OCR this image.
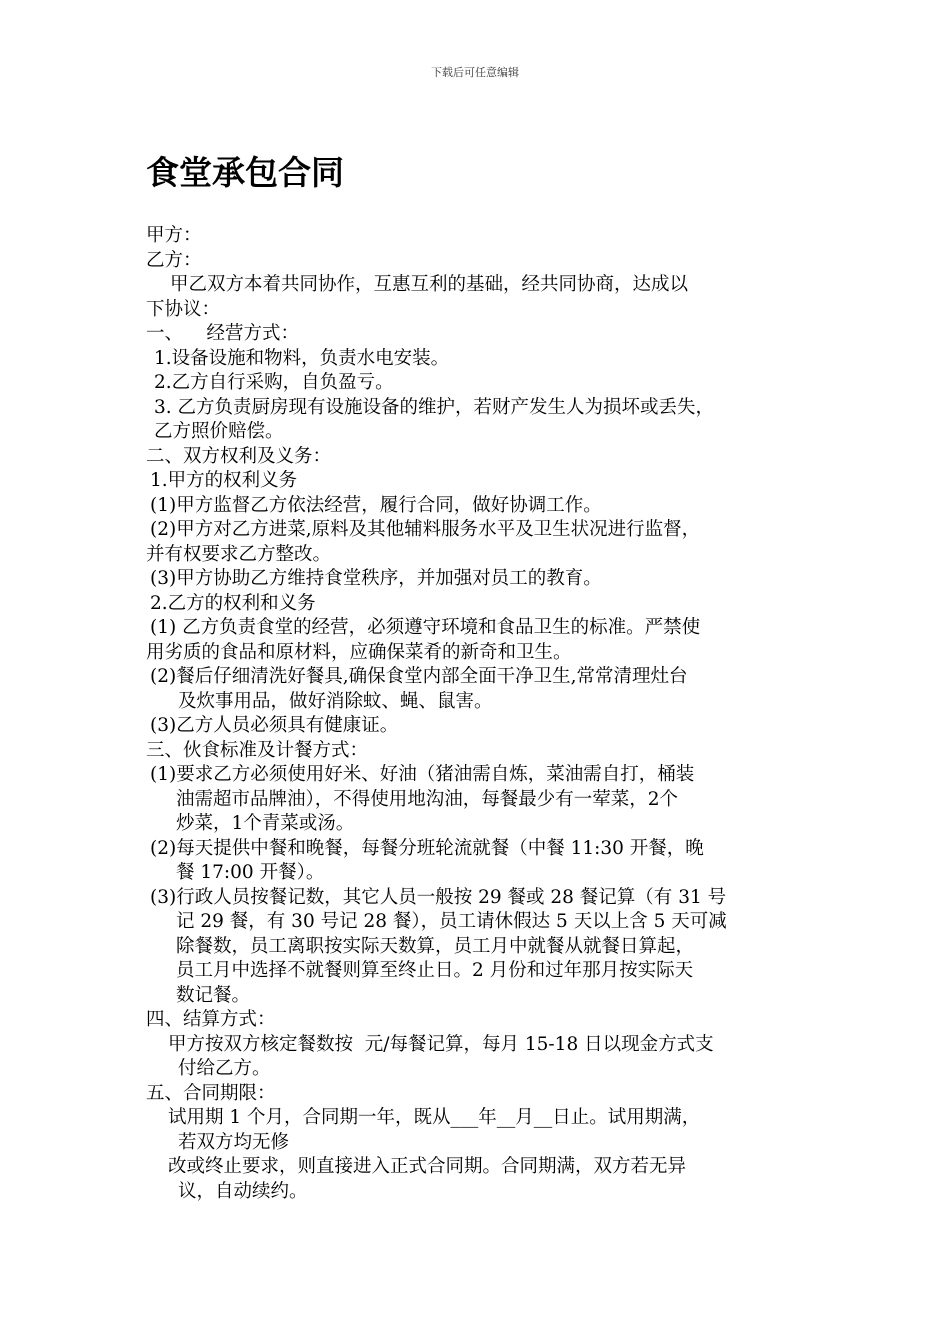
下载后可任意编辑
食堂承包合同
甲方：
乙方：
甲乙双方本着共同协作，互惠互利的基础，经共同协商，达成以
下协议：
一、    经营方式：
1.设备设施和物料，负责水电安装。
2.乙方自行采购，自负盈亏。
3. 乙方负责厨房现有设施设备的维护，若财产发生人为损坏或丢失，
乙方照价赔偿。
二、双方权利及义务：
1.甲方的权利义务
(1)甲方监督乙方依法经营，履行合同，做好协调工作。
(2)甲方对乙方进菜,原料及其他辅料服务水平及卫生状况进行监督，
并有权要求乙方整改。
(3)甲方协助乙方维持食堂秩序，并加强对员工的教育。
2.乙方的权利和义务
(1) 乙方负责食堂的经营，必须遵守环境和食品卫生的标准。严禁使
用劣质的食品和原材料，应确保菜肴的新奇和卫生。
(2)餐后仔细清洗好餐具,确保食堂内部全面干净卫生,常常清理灶台
及炊事用品，做好消除蚊、蝇、鼠害。
(3)乙方人员必须具有健康证。
三、伙食标准及计餐方式：
(1)要求乙方必须使用好米、好油（猪油需自炼，菜油需自打，桶装
油需超市品牌油），不得使用地沟油，每餐最少有一荤菜，2个
炒菜，1个青菜或汤。
(2)每天提供中餐和晚餐，每餐分班轮流就餐（中餐 11:30 开餐，晚
餐 17:00 开餐）。
(3)行政人员按餐记数，其它人员一般按 29 餐或 28 餐记算（有 31 号
记 29 餐，有 30 号记 28 餐），员工请休假达 5 天以上含 5 天可减
除餐数，员工离职按实际天数算，员工月中就餐从就餐日算起，
员工月中选择不就餐则算至终止日。2 月份和过年那月按实际天
数记餐。
四、结算方式：
甲方按双方核定餐数按  元/每餐记算，每月 15-18 日以现金方式支
付给乙方。
五、合同期限：
试用期 1 个月，合同期一年，既从___年__月__日止。试用期满，
若双方均无修
改或终止要求，则直接进入正式合同期。合同期满，双方若无异
议，自动续约。
